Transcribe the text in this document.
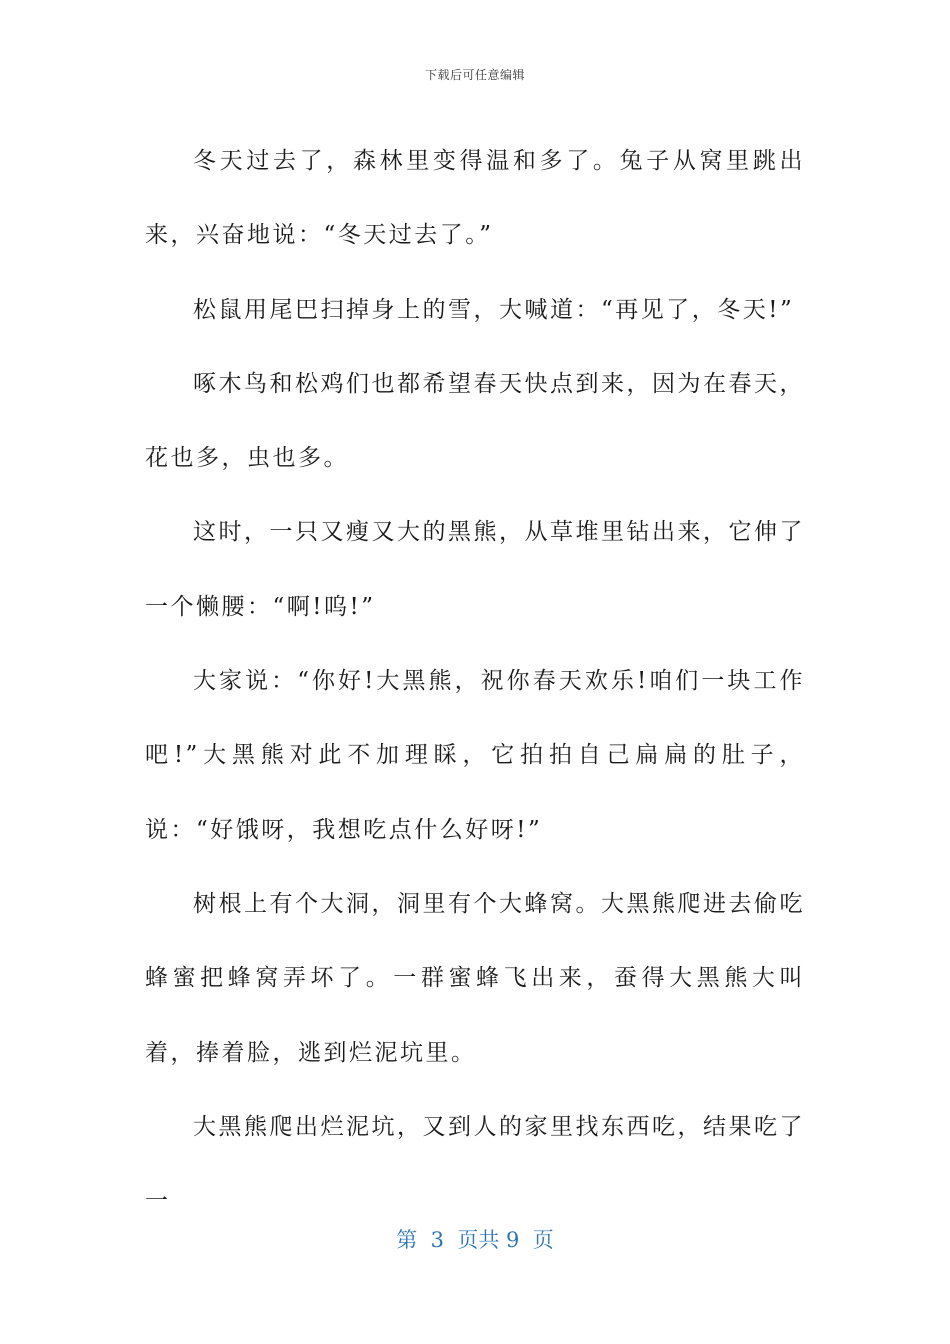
下载后可任意编辑

冬天过去了，森林里变得温和多了。兔子从窝里跳出来，兴奋地说：“冬天过去了。”

松鼠用尾巴扫掉身上的雪，大喊道：“再见了，冬天!”

啄木鸟和松鸡们也都希望春天快点到来，因为在春天，花也多，虫也多。

这时，一只又瘦又大的黑熊，从草堆里钻出来，它伸了一个懒腰：“啊!呜!”

大家说：“你好!大黑熊，祝你春天欢乐!咱们一块工作吧!”大黑熊对此不加理睬，它拍拍自己扁扁的肚子，说：“好饿呀，我想吃点什么好呀!”

树根上有个大洞，洞里有个大蜂窝。大黑熊爬进去偷吃蜂蜜把蜂窝弄坏了。一群蜜蜂飞出来，蚕得大黑熊大叫着，捧着脸，逃到烂泥坑里。

大黑熊爬出烂泥坑，又到人的家里找东西吃，结果吃了一

第  3  页共 9  页
